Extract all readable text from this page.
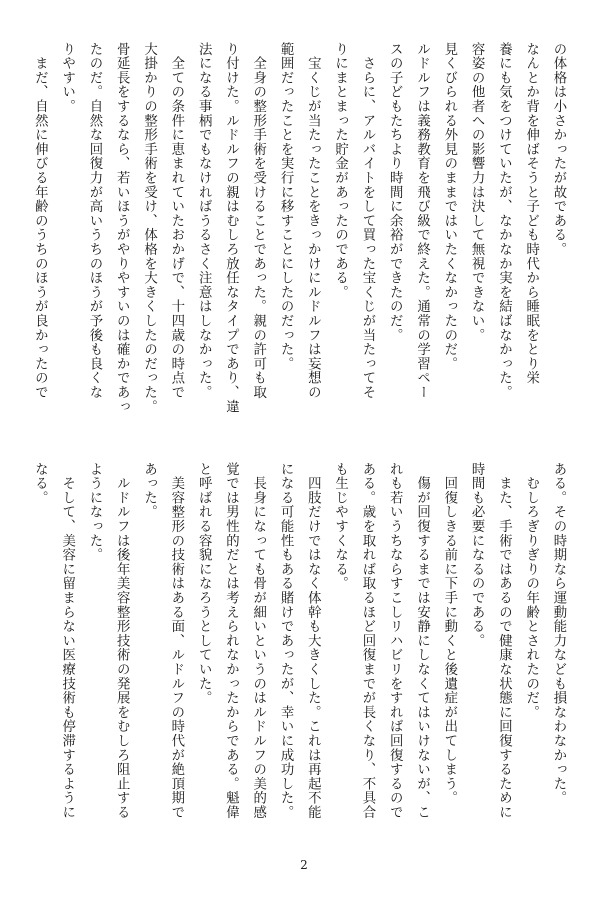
の体格は小さかったが故である。
なんとか背を伸ばそうと子ども時代から睡眠をとり栄
養にも気をつけていたが、なかなか実を結ばなかった。
容姿の他者への影響力は決して無視できない。
見くびられる外見のままではいたくなかったのだ。
ルドルフは義務教育を飛び級で終えた。通常の学習ペー
スの子どもたちより時間に余裕ができたのだ。
　さらに、アルバイトをして買った宝くじが当たってそ
りにまとまった貯金があったのである。
　宝くじが当たったことをきっかけにルドルフは妄想の
範囲だったことを実行に移すことにしたのだった。
　全身の整形手術を受けることであった。親の許可も取
り付けた。ルドルフの親はむしろ放任なタイプであり、違
法になる事柄でもなければうるさく注意はしなかった。
　全ての条件に恵まれていたおかげで、十四歳の時点で
大掛かりの整形手術を受け、体格を大きくしたのだった。
骨延長をするなら、若いほうがやりやすいのは確かであっ
たのだ。自然な回復力が高いうちのほうが予後も良くな
りやすい。
　まだ、自然に伸びる年齢のうちのほうが良かったので
ある。その時期なら運動能力なども損なわなかった。
　むしろぎりぎりの年齢とされたのだ。
　また、手術ではあるので健康な状態に回復するために
時間も必要になるのである。
　回復しきる前に下手に動くと後遺症が出てしまう。
　傷が回復するまでは安静にしなくてはいけないが、こ
れも若いうちならすこしリハビリをすれば回復するので
ある。歳を取れば取るほど回復までが長くなり、不具合
も生じやすくなる。
　四肢だけではなく体幹も大きくした。これは再起不能
になる可能性もある賭けであったが、幸いに成功した。
　長身になっても骨が細いというのはルドルフの美的感
覚では男性的だとは考えられなかったからである。魁偉
と呼ばれる容貌になろうとしていた。
　美容整形の技術はある面、ルドルフの時代が絶頂期で
あった。
　ルドルフは後年美容整形技術の発展をむしろ阻止する
ようになった。
　そして、美容に留まらない医療技術も停滞するように
なる。
2
